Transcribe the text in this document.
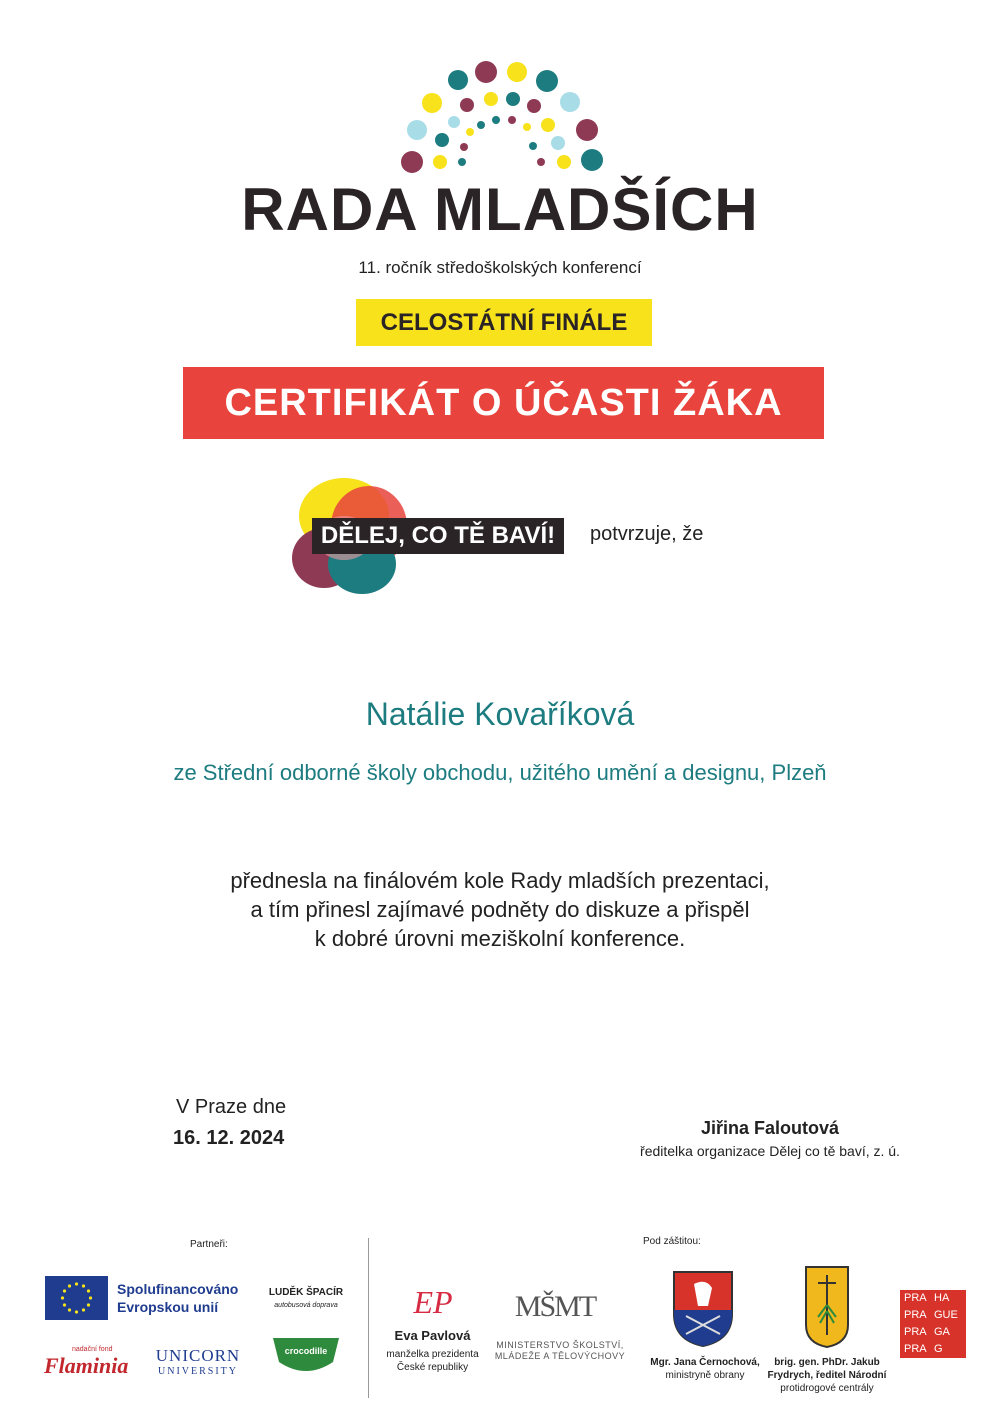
RADA MLADŠÍCH
11. ročník středoškolských konferencí
CELOSTÁTNÍ FINÁLE
CERTIFIKÁT O ÚČASTI ŽÁKA
DĚLEJ, CO TĚ BAVÍ!	potvrzuje, že
Natálie Kovaříková
ze Střední odborné školy obchodu, užitého umění a designu, Plzeň
přednesla na finálovém kole Rady mladších prezentaci,
a tím přinesl zajímavé podněty do diskuze a přispěl
k dobré úrovni meziškolní konference.
V Praze dne
16. 12. 2024	Jiřina Faloutová
ředitelka organizace Dělej co tě baví, z. ú.
Partneři:
Spolufinancováno
Evropskou unií
LUDĚK ŠPACÍR
autobusová doprava
nadační fond
Flaminia	UNICORN
UNIVERSITY
crocodille
Pod záštitou:
EP
Eva Pavlová
manželka prezidenta
České republiky
MŠMT
MINISTERSTVO ŠKOLSTVÍ,
MLÁDEŽE A TĚLOVÝCHOVY
Mgr. Jana Černochová,
ministryně obrany
brig. gen. PhDr. Jakub
Frydrych, ředitel Národní
protidrogové centrály
PRA HA
PRA GUE
PRA GA
PRA G
